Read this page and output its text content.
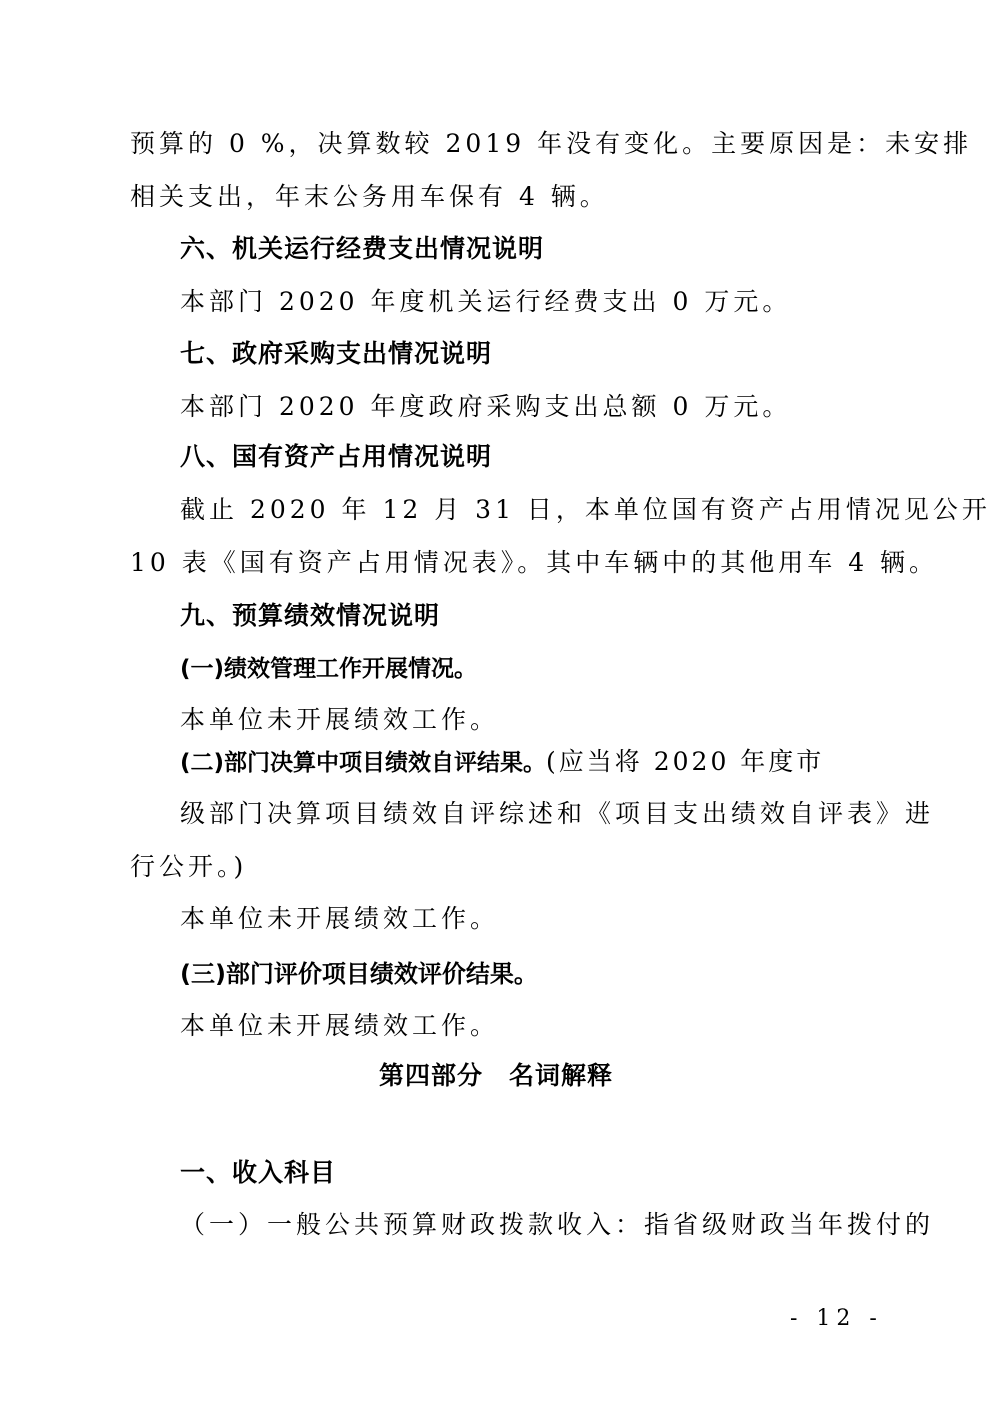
预算的 0 %，决算数较 2019 年没有变化。主要原因是：未安排
相关支出，年末公务用车保有 4 辆。
六、机关运行经费支出情况说明
本部门 2020 年度机关运行经费支出 0 万元。
七、政府采购支出情况说明
本部门 2020 年度政府采购支出总额 0 万元。
八、国有资产占用情况说明
截止 2020 年 12 月 31 日，本单位国有资产占用情况见公开
10 表《国有资产占用情况表》。其中车辆中的其他用车 4 辆。
九、预算绩效情况说明
(一)绩效管理工作开展情况。
本单位未开展绩效工作。
(二)部门决算中项目绩效自评结果。(应当将 2020 年度市
级部门决算项目绩效自评综述和《项目支出绩效自评表》进
行公开。)
本单位未开展绩效工作。
(三)部门评价项目绩效评价结果。
本单位未开展绩效工作。
第四部分　名词解释
一、收入科目
（一）一般公共预算财政拨款收入：指省级财政当年拨付的
- 12 -
